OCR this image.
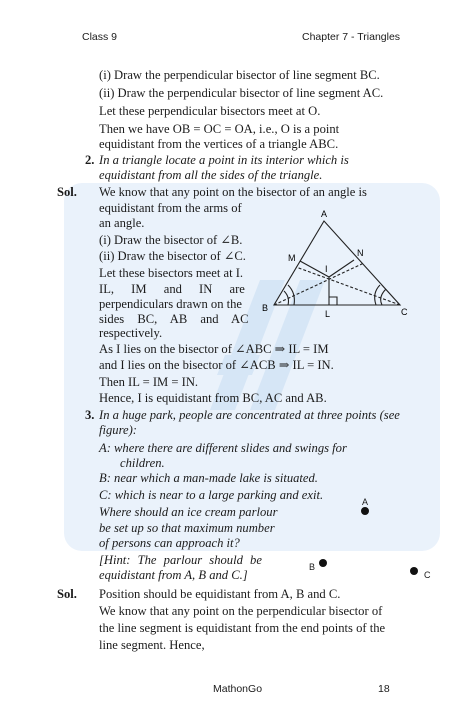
Class 9	Chapter 7 - Triangles
(i) Draw the perpendicular bisector of line segment BC.
(ii) Draw the perpendicular bisector of line segment AC.
Let these perpendicular bisectors meet at O.
Then we have OB = OC = OA, i.e., O is a point
equidistant from the vertices of a triangle ABC.
2. In a triangle locate a point in its interior which is
equidistant from all the sides of the triangle.
Sol. We know that any point on the bisector of an angle is
equidistant from the arms of
an angle.
(i) Draw the bisector of ∠B.
(ii) Draw the bisector of ∠C.
Let these bisectors meet at I.
IL, IM and IN are
perpendiculars drawn on the
sides BC, AB and AC
respectively.
A
B	C
M	N
I
L
As I lies on the bisector of ∠ABC ⇒ IL = IM
and I lies on the bisector of ∠ACB ⇒ IL = IN.
Then IL = IM = IN.
Hence, I is equidistant from BC, AC and AB.
3. In a huge park, people are concentrated at three points (see
figure):
A: where there are different slides and swings for
children.
B: near which a man-made lake is situated.
C: which is near to a large parking and exit.
Where should an ice cream parlour
be set up so that maximum number
of persons can approach it?
[Hint: The parlour should be
equidistant from A, B and C.]
A
B
C
Sol. Position should be equidistant from A, B and C.
We know that any point on the perpendicular bisector of
the line segment is equidistant from the end points of the
line segment. Hence,
MathonGo	18
